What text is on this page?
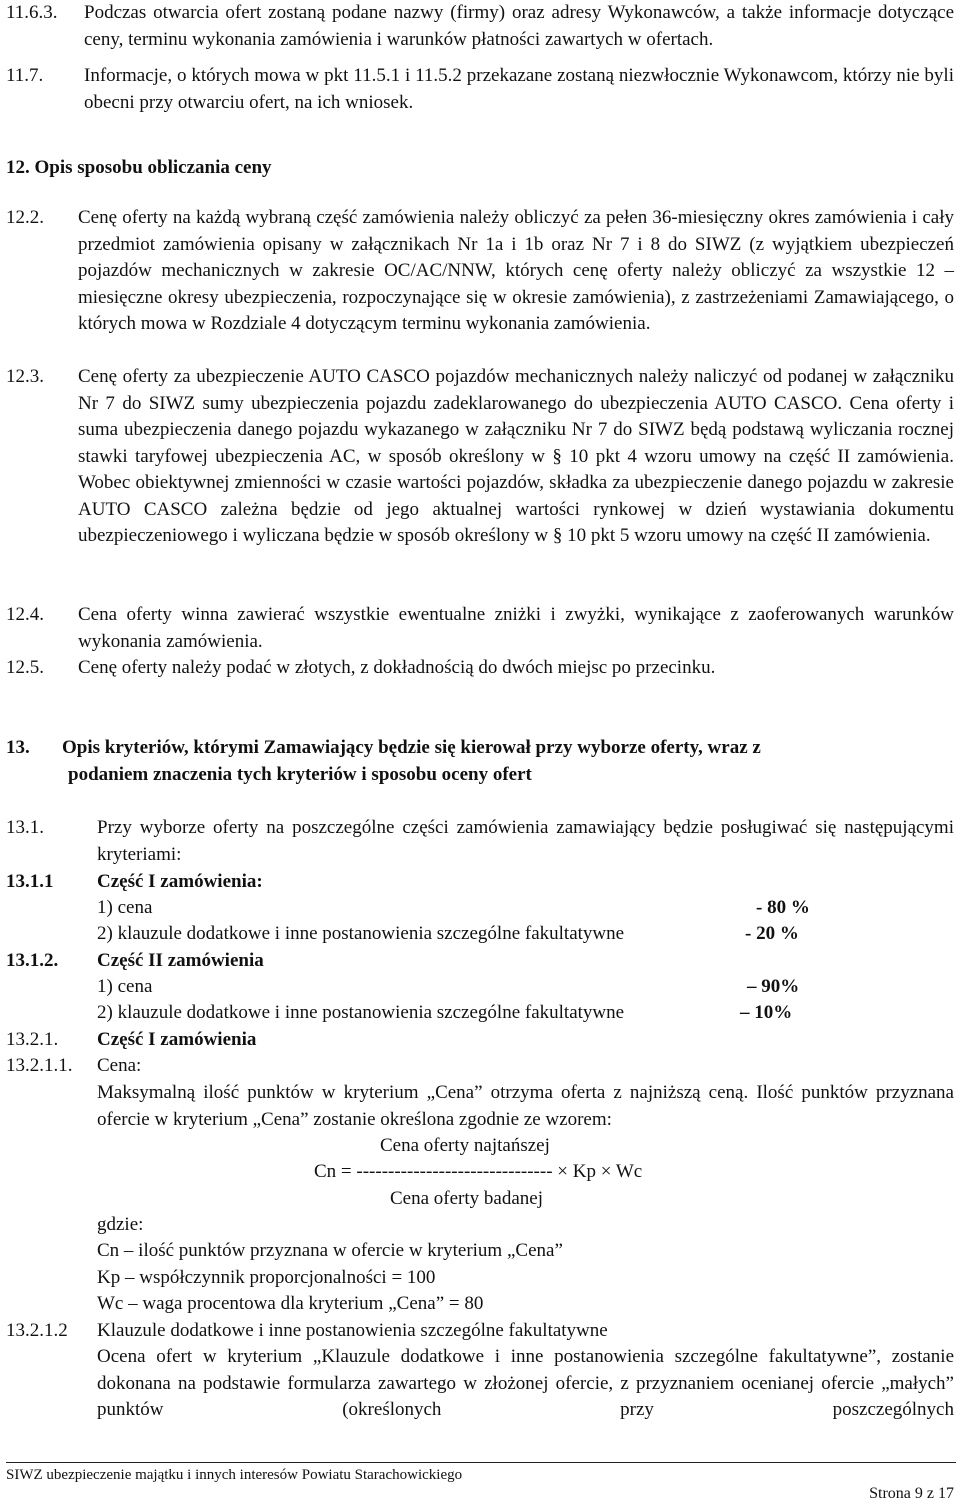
11.6.3.	Podczas otwarcia ofert zostaną podane nazwy (firmy) oraz adresy Wykonawców, a także informacje dotyczące ceny, terminu wykonania zamówienia i warunków płatności zawartych w ofertach.
11.7.	Informacje, o których mowa w pkt 11.5.1 i 11.5.2 przekazane zostaną niezwłocznie Wykonawcom, którzy nie byli obecni przy otwarciu ofert, na ich wniosek.
12. Opis sposobu obliczania ceny
12.2.	Cenę oferty na każdą wybraną część zamówienia należy obliczyć za pełen 36-miesięczny okres zamówienia i cały przedmiot zamówienia opisany w załącznikach Nr 1a i 1b oraz Nr 7 i 8 do SIWZ (z wyjątkiem ubezpieczeń pojazdów mechanicznych w zakresie OC/AC/NNW, których cenę oferty należy obliczyć za wszystkie 12 – miesięczne okresy ubezpieczenia, rozpoczynające się w okresie zamówienia), z zastrzeżeniami Zamawiającego, o których mowa w Rozdziale 4 dotyczącym terminu wykonania zamówienia.
12.3.	Cenę oferty za ubezpieczenie AUTO CASCO pojazdów mechanicznych należy naliczyć od podanej w załączniku Nr 7 do SIWZ sumy ubezpieczenia pojazdu zadeklarowanego do ubezpieczenia AUTO CASCO. Cena oferty i suma ubezpieczenia danego pojazdu wykazanego w załączniku Nr 7 do SIWZ będą podstawą wyliczania rocznej stawki taryfowej ubezpieczenia AC, w sposób określony w § 10 pkt 4 wzoru umowy na część II zamówienia. Wobec obiektywnej zmienności w czasie wartości pojazdów, składka za ubezpieczenie danego pojazdu w zakresie AUTO CASCO zależna będzie od jego aktualnej wartości rynkowej w dzień wystawiania dokumentu ubezpieczeniowego i wyliczana będzie w sposób określony w § 10 pkt 5 wzoru umowy na część II zamówienia.
12.4.	Cena oferty winna zawierać wszystkie ewentualne zniżki i zwyżki, wynikające z zaoferowanych warunków wykonania zamówienia.
12.5.	Cenę oferty należy podać w złotych, z dokładnością do dwóch miejsc po przecinku.
13. Opis kryteriów, którymi Zamawiający będzie się kierował przy wyborze oferty, wraz z
podaniem znaczenia tych kryteriów i sposobu oceny ofert
13.1.	Przy wyborze oferty na poszczególne części zamówienia zamawiający będzie posługiwać się następującymi kryteriami:
13.1.1 Część I zamówienia:
1) cena	- 80 %
2) klauzule dodatkowe i inne postanowienia szczególne fakultatywne	- 20 %
13.1.2. Część II zamówienia
1) cena	– 90%
2) klauzule dodatkowe i inne postanowienia szczególne fakultatywne	– 10%
13.2.1. Część I zamówienia
13.2.1.1. Cena:
Maksymalną ilość punktów w kryterium „Cena” otrzyma oferta z najniższą ceną. Ilość punktów przyznana ofercie w kryterium „Cena” zostanie określona zgodnie ze wzorem:
Cena oferty najtańszej
Cn = ------------------------------- × Kp × Wc
Cena oferty badanej
gdzie:
Cn – ilość punktów przyznana w ofercie w kryterium „Cena”
Kp – współczynnik proporcjonalności = 100
Wc – waga procentowa dla kryterium „Cena” = 80
13.2.1.2 Klauzule dodatkowe i inne postanowienia szczególne fakultatywne
Ocena ofert w kryterium „Klauzule dodatkowe i inne postanowienia szczególne fakultatywne”, zostanie dokonana na podstawie formularza zawartego w złożonej ofercie, z przyznaniem ocenianej ofercie „małych” punktów (określonych przy poszczególnych
SIWZ ubezpieczenie majątku i innych interesów Powiatu Starachowickiego
Strona 9 z 17
